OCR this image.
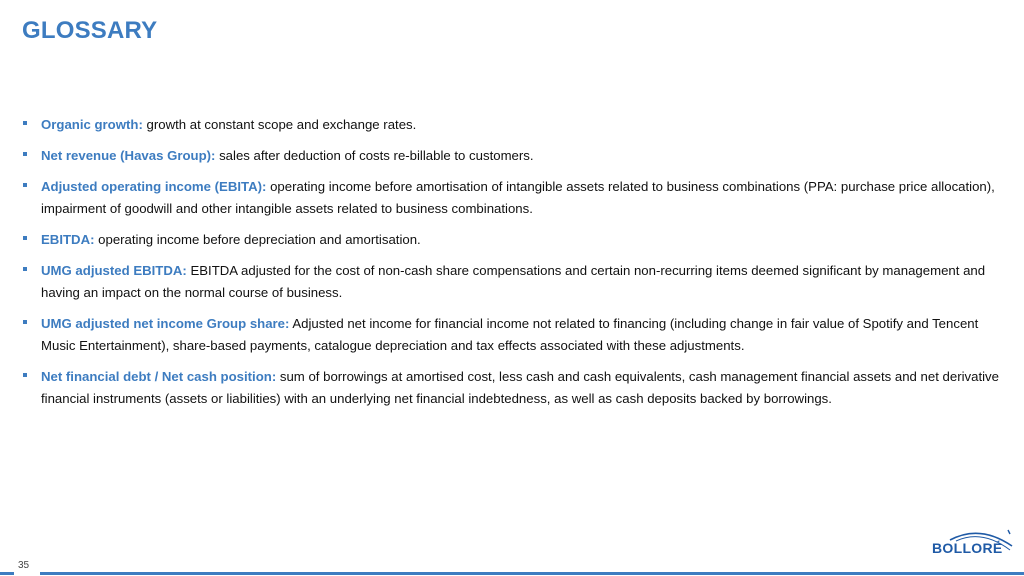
GLOSSARY
Organic growth: growth at constant scope and exchange rates.
Net revenue (Havas Group): sales after deduction of costs re-billable to customers.
Adjusted operating income (EBITA): operating income before amortisation of intangible assets related to business combinations (PPA: purchase price allocation), impairment of goodwill and other intangible assets related to business combinations.
EBITDA: operating income before depreciation and amortisation.
UMG adjusted EBITDA: EBITDA adjusted for the cost of non-cash share compensations and certain non-recurring items deemed significant by management and having an impact on the normal course of business.
UMG adjusted net income Group share: Adjusted net income for financial income not related to financing (including change in fair value of Spotify and Tencent Music Entertainment), share-based payments, catalogue depreciation and tax effects associated with these adjustments.
Net financial debt / Net cash position: sum of borrowings at amortised cost, less cash and cash equivalents, cash management financial assets and net derivative financial instruments (assets or liabilities) with an underlying net financial indebtedness, as well as cash deposits backed by borrowings.
35
BOLLORÉ
